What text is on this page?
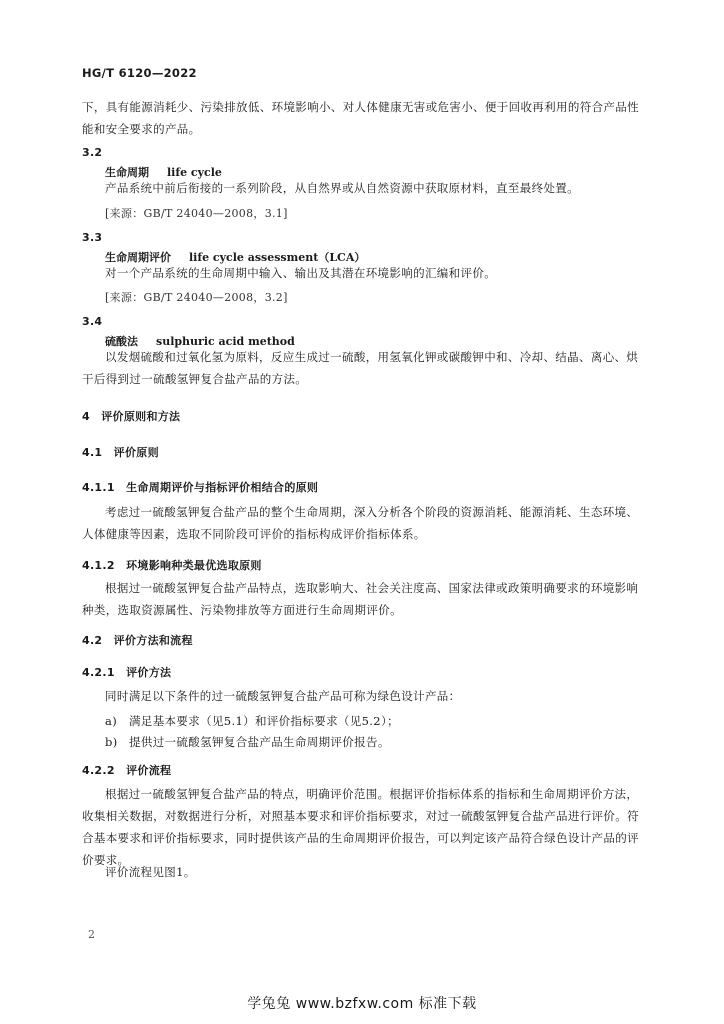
HG/T 6120—2022
下，具有能源消耗少、污染排放低、环境影响小、对人体健康无害或危害小、便于回收再利用的符合产品性能和安全要求的产品。
3.2
生命周期 life cycle
产品系统中前后衔接的一系列阶段，从自然界或从自然资源中获取原材料，直至最终处置。
[来源：GB/T 24040—2008，3.1]
3.3
生命周期评价 life cycle assessment（LCA）
对一个产品系统的生命周期中输入、输出及其潜在环境影响的汇编和评价。
[来源：GB/T 24040—2008，3.2]
3.4
硫酸法 sulphuric acid method
以发烟硫酸和过氧化氢为原料，反应生成过一硫酸，用氢氧化钾或碳酸钾中和、冷却、结晶、离心、烘干后得到过一硫酸氢钾复合盐产品的方法。
4　评价原则和方法
4.1　评价原则
4.1.1　生命周期评价与指标评价相结合的原则
考虑过一硫酸氢钾复合盐产品的整个生命周期，深入分析各个阶段的资源消耗、能源消耗、生态环境、人体健康等因素，选取不同阶段可评价的指标构成评价指标体系。
4.1.2　环境影响种类最优选取原则
根据过一硫酸氢钾复合盐产品特点，选取影响大、社会关注度高、国家法律或政策明确要求的环境影响种类，选取资源属性、污染物排放等方面进行生命周期评价。
4.2　评价方法和流程
4.2.1　评价方法
同时满足以下条件的过一硫酸氢钾复合盐产品可称为绿色设计产品：
a) 满足基本要求（见5.1）和评价指标要求（见5.2）；
b) 提供过一硫酸氢钾复合盐产品生命周期评价报告。
4.2.2　评价流程
根据过一硫酸氢钾复合盐产品的特点，明确评价范围。根据评价指标体系的指标和生命周期评价方法，收集相关数据，对数据进行分析，对照基本要求和评价指标要求，对过一硫酸氢钾复合盐产品进行评价。符合基本要求和评价指标要求，同时提供该产品的生命周期评价报告，可以判定该产品符合绿色设计产品的评价要求。
评价流程见图1。
2
学兔兔 www.bzfxw.com 标准下载
